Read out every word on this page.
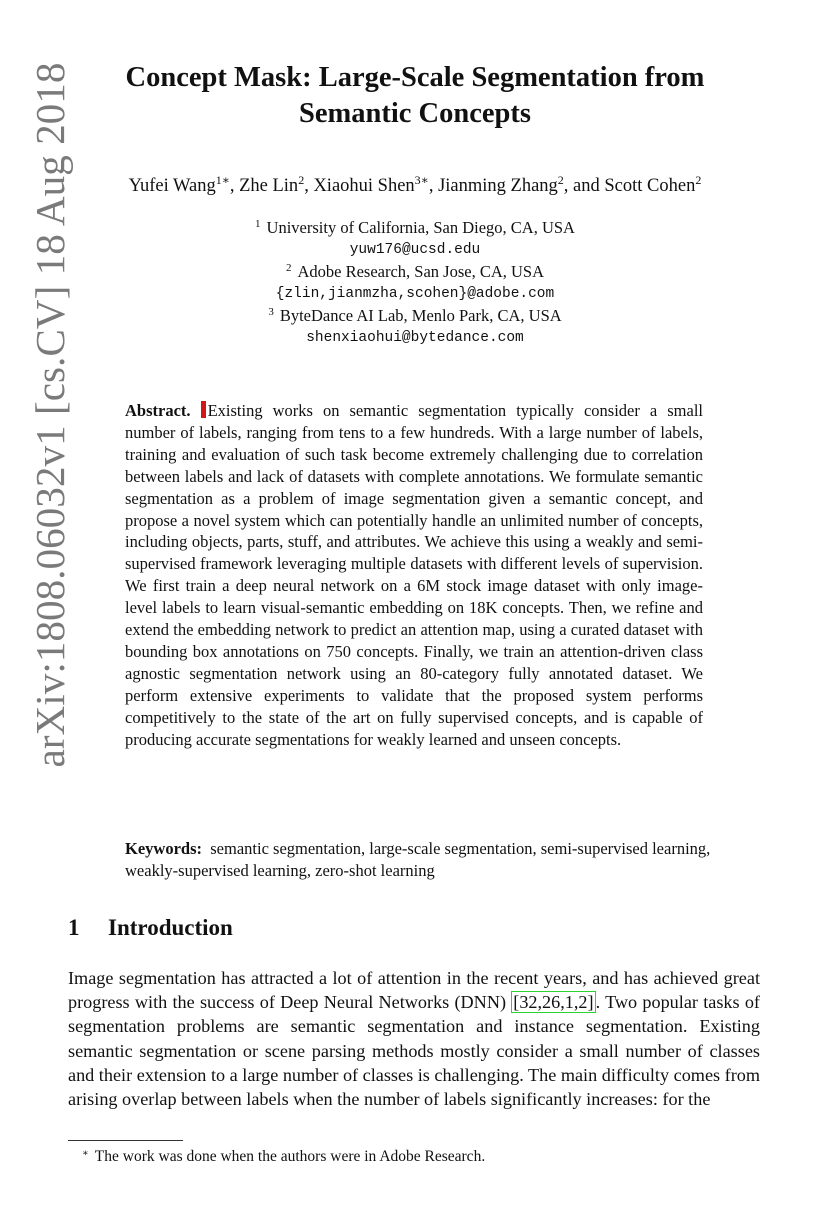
arXiv:1808.06032v1 [cs.CV] 18 Aug 2018	Concept Mask: Large-Scale Segmentation from
Semantic Concepts
Yufei Wang$^{1∗}$, Zhe Lin$^2$, Xiaohui Shen$^{3∗}$, Jianming Zhang$^2$, and Scott Cohen$^2$
$^1$ University of California, San Diego, CA, USA
yuw176@ucsd.edu
$^2$ Adobe Research, San Jose, CA, USA
{zlin,jianmzha,scohen}@adobe.com
$^3$ ByteDance AI Lab, Menlo Park, CA, USA
shenxiaohui@bytedance.com
Abstract. Existing works on semantic segmentation typically consider a small number of labels, ranging from tens to a few hundreds. With a large number of labels, training and evaluation of such task become extremely challenging due to correlation between labels and lack of datasets with complete annotations. We formulate semantic segmentation as a problem of image segmentation given a semantic concept, and propose a novel system which can potentially handle an unlimited number of concepts, including objects, parts, stuff, and attributes. We achieve this using a weakly and semi-supervised framework leveraging multiple datasets with different levels of supervision. We first train a deep neural network on a 6M stock image dataset with only image-level labels to learn visual-semantic embedding on 18K concepts. Then, we refine and extend the embedding network to predict an attention map, using a curated dataset with bounding box annotations on 750 concepts. Finally, we train an attention-driven class agnostic segmentation network using an 80-category fully annotated dataset. We perform extensive experiments to validate that the proposed system performs competitively to the state of the art on fully supervised concepts, and is capable of producing accurate segmentations for weakly learned and unseen concepts.
Keywords: semantic segmentation, large-scale segmentation, semi-supervised learning, weakly-supervised learning, zero-shot learning
1 Introduction
Image segmentation has attracted a lot of attention in the recent years, and has achieved great progress with the success of Deep Neural Networks (DNN) [32,26,1,2] . Two popular tasks of segmentation problems are semantic segmentation and instance segmentation. Existing semantic segmentation or scene parsing methods mostly consider a small number of classes and their extension to a large number of classes is challenging. The main difficulty comes from arising overlap between labels when the number of labels significantly increases: for the
∗ The work was done when the authors were in Adobe Research.
